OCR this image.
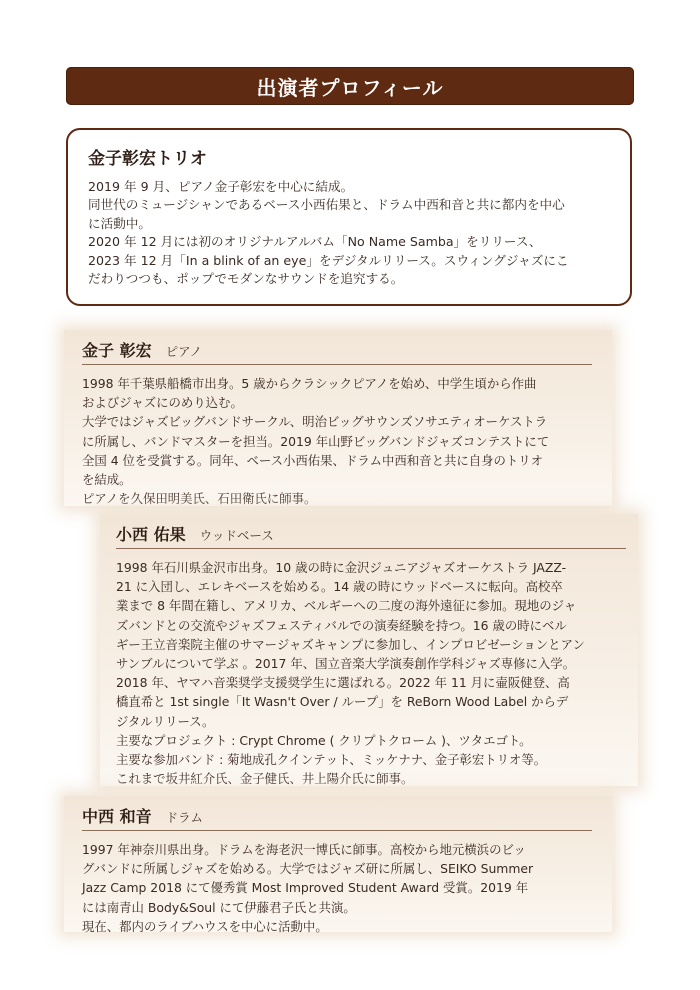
出演者プロフィール
金子彰宏トリオ

2019 年 9 月、ピアノ金子彰宏を中心に結成。

同世代のミュージシャンであるベース小西佑果と、ドラム中西和音と共に都内を中心

に活動中。

2020 年 12 月には初のオリジナルアルバム「No Name Samba」をリリース、

2023 年 12 月「In a blink of an eye」をデジタルリリース。スウィングジャズにこ

だわりつつも、ポップでモダンなサウンドを追究する。

金子 彰宏 ピアノ

1998 年千葉県船橋市出身。5 歳からクラシックピアノを始め、中学生頃から作曲

およびジャズにのめり込む。

大学ではジャズビッグバンドサークル、明治ビッグサウンズソサエティオーケストラ

に所属し、バンドマスターを担当。2019 年山野ビッグバンドジャズコンテストにて

全国 4 位を受賞する。同年、ベース小西佑果、ドラム中西和音と共に自身のトリオ

を結成。

ピアノを久保田明美氏、石田衛氏に師事。

小西 佑果 ウッドベース

1998 年石川県金沢市出身。10 歳の時に金沢ジュニアジャズオーケストラ JAZZ-

21 に入団し、エレキベースを始める。14 歳の時にウッドベースに転向。高校卒

業まで 8 年間在籍し、アメリカ、ベルギーへの二度の海外遠征に参加。現地のジャ

ズバンドとの交流やジャズフェスティバルでの演奏経験を持つ。16 歳の時にベル

ギー王立音楽院主催のサマージャズキャンプに参加し、インプロビゼーションとアン

サンブルについて学ぶ 。2017 年、国立音楽大学演奏創作学科ジャズ専修に入学。

2018 年、ヤマハ音楽奨学支援奨学生に選ばれる。2022 年 11 月に壷阪健登、高

橋直希と 1st single「It Wasn't Over / ループ」を ReBorn Wood Label からデ

ジタルリリース。

主要なプロジェクト : Crypt Chrome ( クリプトクローム )、ツタエゴト。

主要な参加バンド : 菊地成孔クインテット、ミッケナナ、金子彰宏トリオ等。

これまで坂井紅介氏、金子健氏、井上陽介氏に師事。

中西 和音 ドラム

1997 年神奈川県出身。ドラムを海老沢一博氏に師事。高校から地元横浜のビッ

グバンドに所属しジャズを始める。大学ではジャズ研に所属し、SEIKO Summer

Jazz Camp 2018 にて優秀賞 Most Improved Student Award 受賞。2019 年

には南青山 Body&Soul にて伊藤君子氏と共演。

現在、都内のライブハウスを中心に活動中。
